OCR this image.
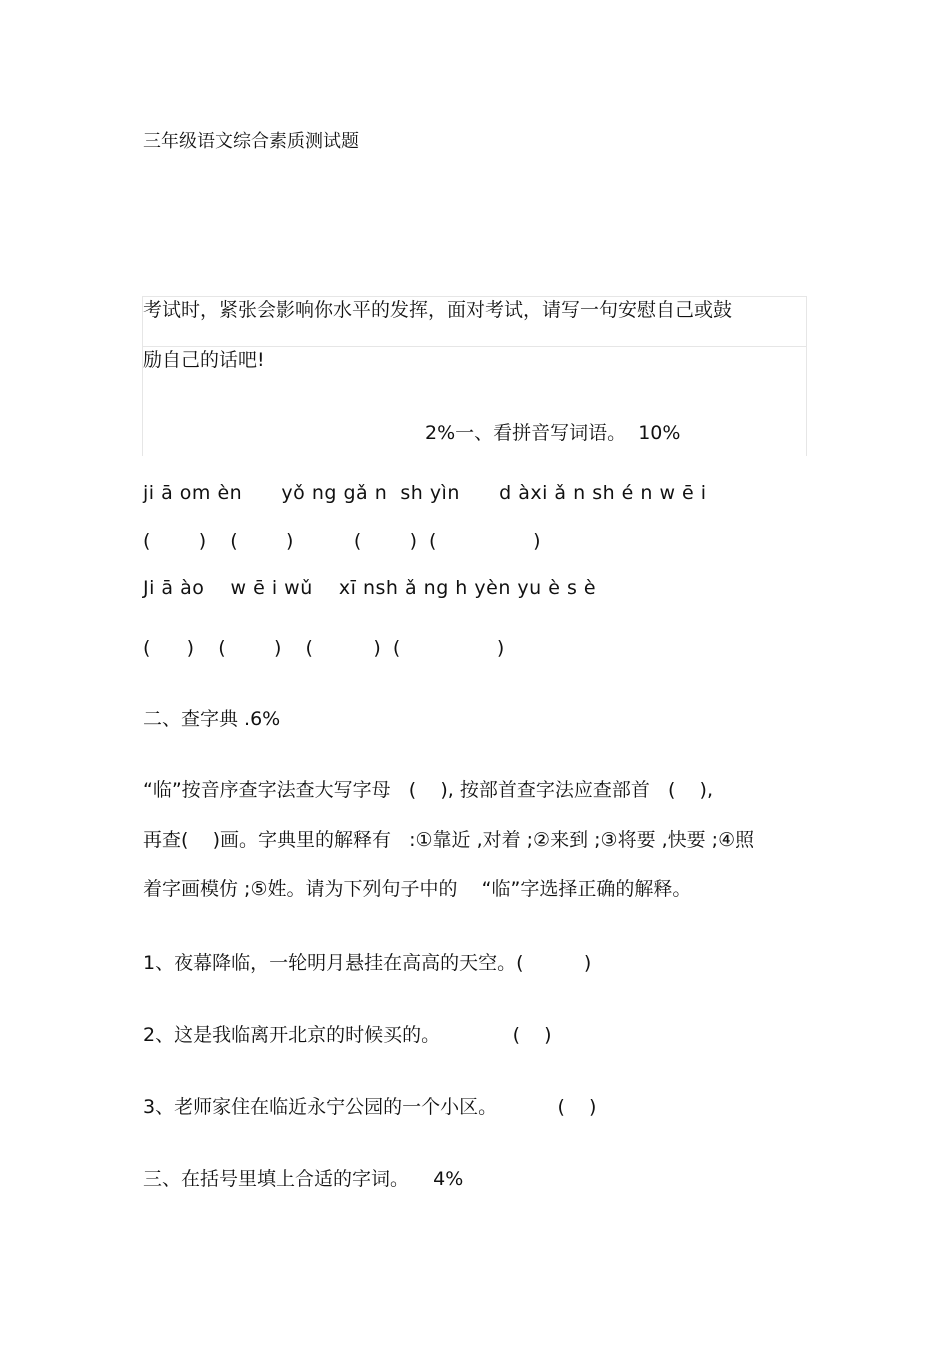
三年级语文综合素质测试题
考试时，紧张会影响你水平的发挥，面对考试，请写一句安慰自己或鼓
励自己的话吧!
2%一、看拼音写词语。  10%
ji ā om èn      yǒ ng gǎ n  sh yìn      d àxi ǎ n sh é n w ē i
(        )    (        )          (        )  (                )
Ji ā ào    w ē i wǔ    xī nsh ǎ ng h yèn yu è s è
(      )    (        )    (          )  (                )
二、查字典 .6%
“临”按音序查字法查大写字母   (    ), 按部首查字法应查部首   (    ),
再查(    )画。字典里的解释有   :①靠近 ,对着 ;②来到 ;③将要 ,快要 ;④照
着字画模仿 ;⑤姓。请为下列句子中的    “临”字选择正确的解释。
1、夜幕降临，一轮明月悬挂在高高的天空。(          )
2、这是我临离开北京的时候买的。            (    )
3、老师家住在临近永宁公园的一个小区。          (    )
三、在括号里填上合适的字词。    4%
